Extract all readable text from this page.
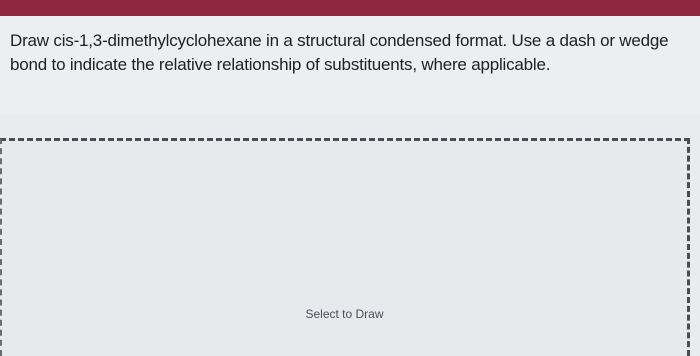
Draw cis-1,3-dimethylcyclohexane in a structural condensed format. Use a dash or wedge bond to indicate the relative relationship of substituents, where applicable.

Select to Draw
